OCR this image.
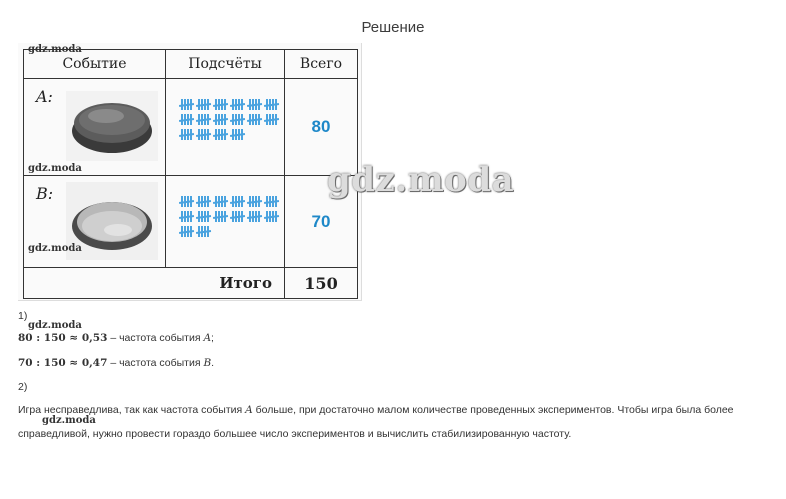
Решение
Событие	Подсчёты	Всего

A:		80

B:		70
Итого		150
gdz.moda
gdz.moda
gdz.moda
gdz.moda
1)
gdz.moda
80 : 150 ≈ 0,53 – частота события A;
70 : 150 ≈ 0,47 – частота события B.
2)
Игра несправедлива, так как частота события A больше, при достаточно малом количестве проведенных экспериментов. Чтобы игра была более
gdz.moda
справедливой, нужно провести гораздо большее число экспериментов и вычислить стабилизированную частоту.
